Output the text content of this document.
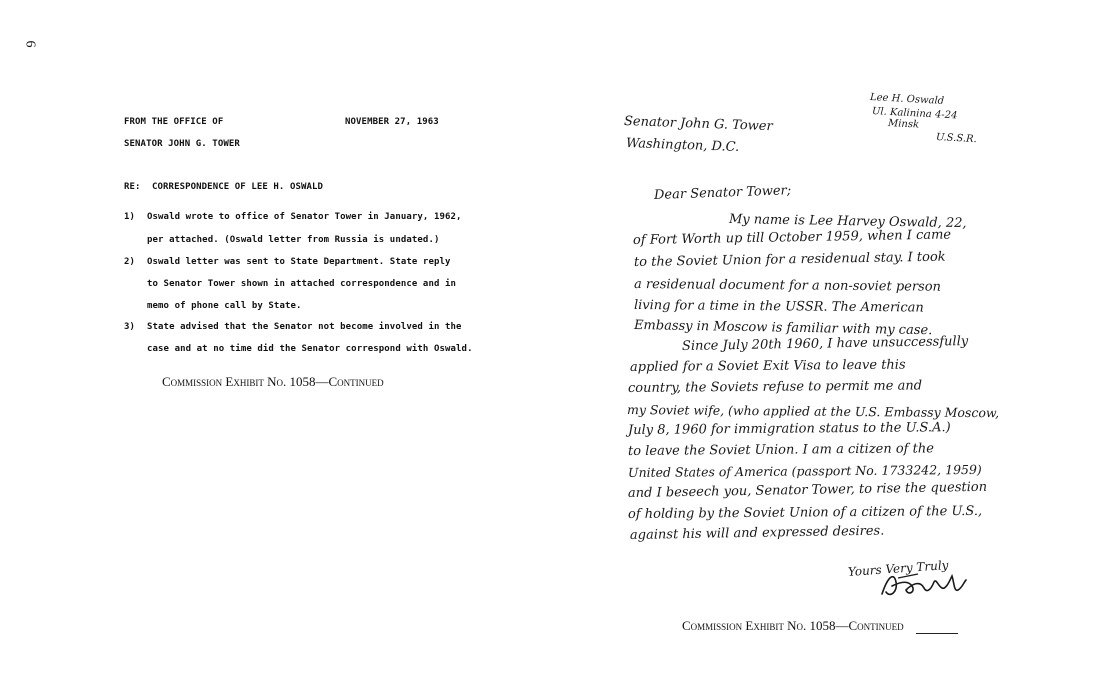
6
FROM THE OFFICE OF	NOVEMBER 27, 1963
SENATOR JOHN G. TOWER
RE: CORRESPONDENCE OF LEE H. OSWALD
1) Oswald wrote to office of Senator Tower in January, 1962,
per attached. (Oswald letter from Russia is undated.)
2) Oswald letter was sent to State Department. State reply
to Senator Tower shown in attached correspondence and in
memo of phone call by State.
3) State advised that the Senator not become involved in the
case and at no time did the Senator correspond with Oswald.
Commission Exhibit No. 1058—Continued
Lee H. Oswald
Ul. Kalinina 4-24
Minsk
U.S.S.R.
Senator John G. Tower
Washington, D.C.
Dear Senator Tower;
My name is Lee Harvey Oswald, 22,
of Fort Worth up till October 1959, when I came
to the Soviet Union for a residenual stay. I took
a residenual document for a non-soviet person
living for a time in the USSR. The American
Embassy in Moscow is familiar with my case.
Since July 20th 1960, I have unsuccessfully
applied for a Soviet Exit Visa to leave this
country, the Soviets refuse to permit me and
my Soviet wife, (who applied at the U.S. Embassy Moscow,
July 8, 1960 for immigration status to the U.S.A.)
to leave the Soviet Union. I am a citizen of the
United States of America (passport No. 1733242, 1959)
and I beseech you, Senator Tower, to rise the question
of holding by the Soviet Union of a citizen of the U.S.,
against his will and expressed desires.
Yours Very Truly
Commission Exhibit No. 1058—Continued
